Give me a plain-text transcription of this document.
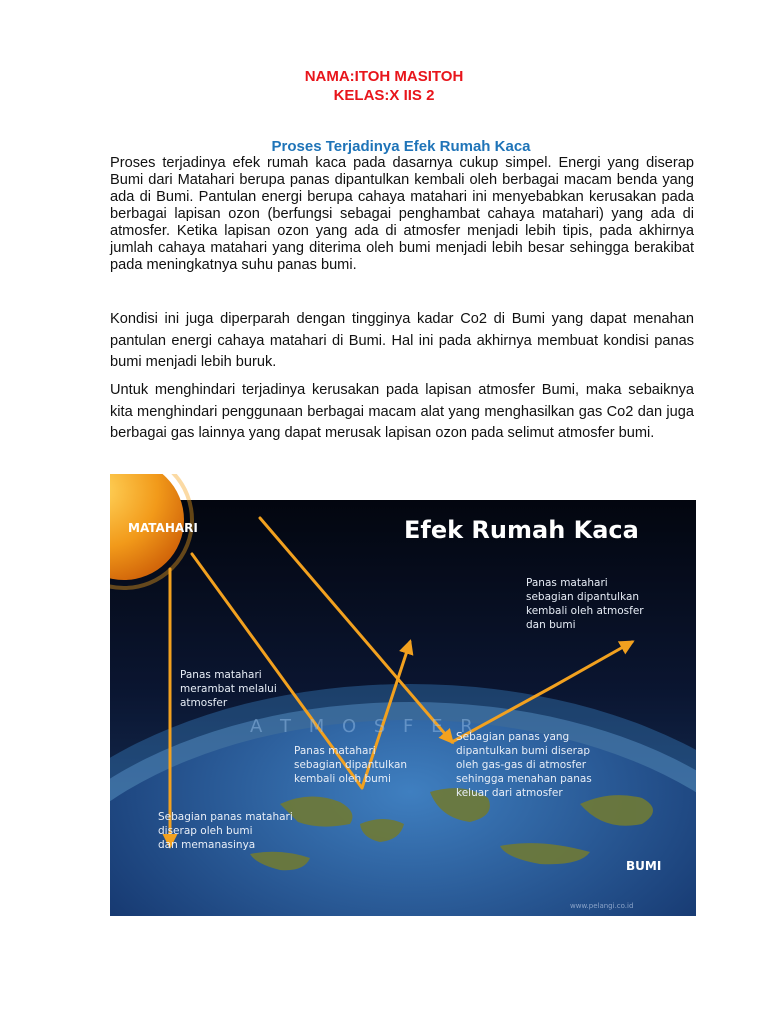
NAMA:ITOH MASITOH
KELAS:X IIS 2
Proses Terjadinya Efek Rumah Kaca
Proses terjadinya efek rumah kaca pada dasarnya cukup simpel. Energi yang diserap Bumi dari Matahari berupa panas dipantulkan kembali oleh berbagai macam benda yang ada di Bumi. Pantulan energi berupa cahaya matahari ini menyebabkan kerusakan pada berbagai lapisan ozon (berfungsi sebagai penghambat cahaya matahari) yang ada di atmosfer. Ketika lapisan ozon yang ada di atmosfer menjadi lebih tipis, pada akhirnya jumlah cahaya matahari yang diterima oleh bumi menjadi lebih besar sehingga berakibat pada meningkatnya suhu panas bumi.
Kondisi ini juga diperparah dengan tingginya kadar Co2 di Bumi yang dapat menahan pantulan energi cahaya matahari di Bumi. Hal ini pada akhirnya membuat kondisi panas bumi menjadi lebih buruk.
Untuk menghindari terjadinya kerusakan pada lapisan atmosfer Bumi, maka sebaiknya kita menghindari penggunaan berbagai macam alat yang menghasilkan gas Co2 dan juga berbagai gas lainnya yang dapat merusak lapisan ozon pada selimut atmosfer bumi.
MATAHARI	Efek Rumah Kaca
A T M O S F E R
BUMI
www.pelangi.co.id
Panas matahari
merambat melalui
atmosfer
Panas matahari
sebagian dipantulkan
kembali oleh bumi
Panas matahari
sebagian dipantulkan
kembali oleh atmosfer
dan bumi
Sebagian panas yang
dipantulkan bumi diserap
oleh gas-gas di atmosfer
sehingga menahan panas
keluar dari atmosfer
Sebagian panas matahari
diserap oleh bumi
dan memanasinya
